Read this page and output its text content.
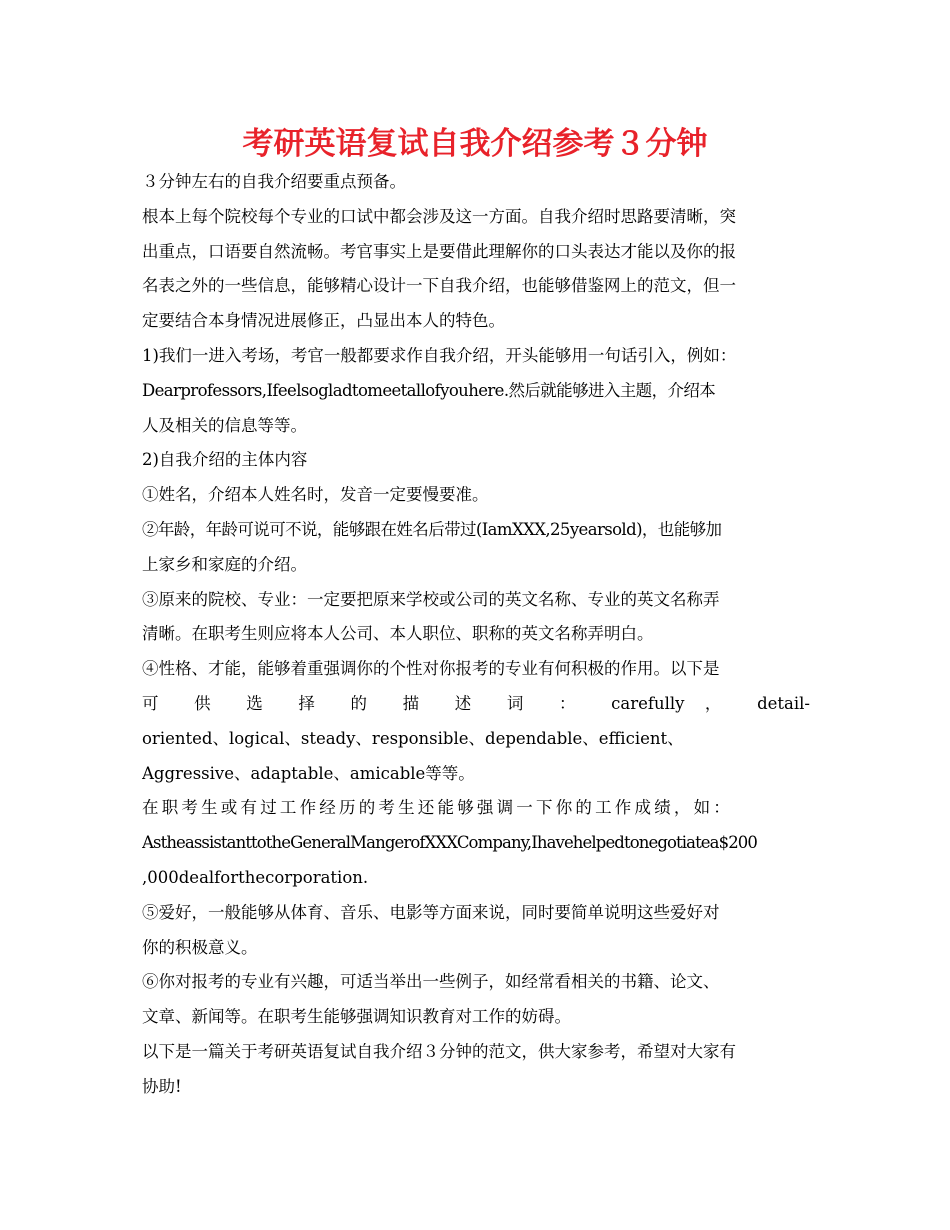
考研英语复试自我介绍参考３分钟
３分钟左右的自我介绍要重点预备。
根本上每个院校每个专业的口试中都会涉及这一方面。自我介绍时思路要清晰，突
出重点，口语要自然流畅。考官事实上是要借此理解你的口头表达才能以及你的报
名表之外的一些信息，能够精心设计一下自我介绍，也能够借鉴网上的范文，但一
定要结合本身情况进展修正，凸显出本人的特色。
1)我们一进入考场，考官一般都要求作自我介绍，开头能够用一句话引入，例如：
Dearprofessors,Ifeelsogladtomeetallofyouhere.然后就能够进入主题，介绍本
人及相关的信息等等。
2)自我介绍的主体内容
①姓名，介绍本人姓名时，发音一定要慢要准。
②年龄，年龄可说可不说，能够跟在姓名后带过(IamXXX,25yearsold)，也能够加
上家乡和家庭的介绍。
③原来的院校、专业：一定要把原来学校或公司的英文名称、专业的英文名称弄
清晰。在职考生则应将本人公司、本人职位、职称的英文名称弄明白。
④性格、才能，能够着重强调你的个性对你报考的专业有何积极的作用。以下是
可 供 选 择 的 描 述 词 ： carefully ， detail-
oriented、logical、steady、responsible、dependable、efficient、
Aggressive、adaptable、amicable等等。
在职考生或有过工作经历的考生还能够强调一下你的工作成绩，如：
AstheassistanttotheGeneralMangerofXXXCompany,Ihavehelpedtonegotiatea$200
,000dealforthecorporation.
⑤爱好，一般能够从体育、音乐、电影等方面来说，同时要简单说明这些爱好对
你的积极意义。
⑥你对报考的专业有兴趣，可适当举出一些例子，如经常看相关的书籍、论文、
文章、新闻等。在职考生能够强调知识教育对工作的妨碍。
以下是一篇关于考研英语复试自我介绍３分钟的范文，供大家参考，希望对大家有
协助!
